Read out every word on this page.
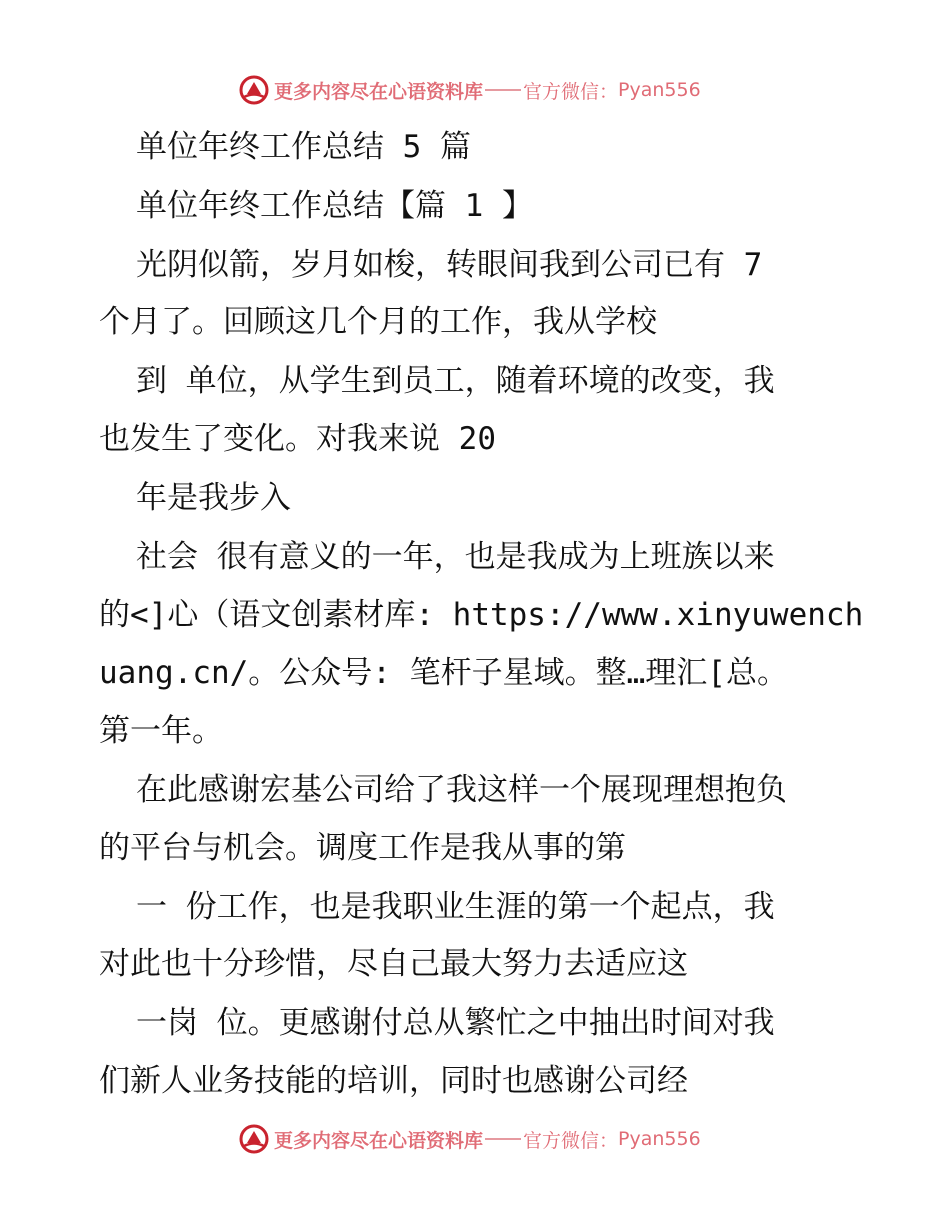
更多内容尽在心语资料库 官方微信： Pyan556
单位年终工作总结 5 篇
单位年终工作总结【篇 1 】
光阴似箭，岁月如梭，转眼间我到公司已有 7
个月了。回顾这几个月的工作，我从学校
到 单位，从学生到员工，随着环境的改变，我
也发生了变化。对我来说 20
年是我步入
社会 很有意义的一年，也是我成为上班族以来
的<]心（语文创素材库: https://www.xinyuwench
uang.cn/。公众号: 笔杆子星域。整…理汇[总。
第一年。
在此感谢宏基公司给了我这样一个展现理想抱负
的平台与机会。调度工作是我从事的第
一 份工作，也是我职业生涯的第一个起点，我
对此也十分珍惜，尽自己最大努力去适应这
一岗 位。更感谢付总从繁忙之中抽出时间对我
们新人业务技能的培训，同时也感谢公司经
更多内容尽在心语资料库 官方微信： Pyan556
